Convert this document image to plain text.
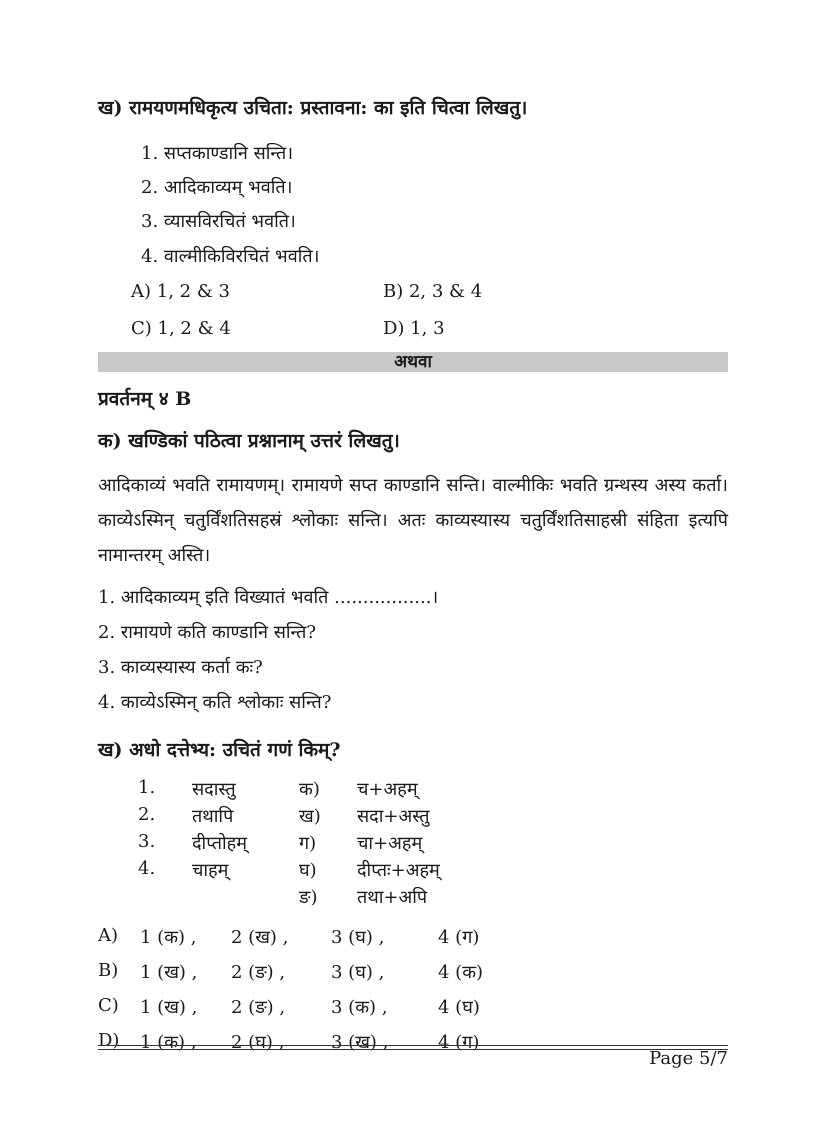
ख) रामयणमधिकृत्य उचिता: प्रस्तावना: का इति चित्वा लिखतु।
1. सप्तकाण्डानि सन्ति।
2. आदिकाव्यम् भवति।
3. व्यासविरचितं भवति।
4. वाल्मीकिविरचितं भवति।
A) 1, 2 & 3	B) 2, 3 & 4
C) 1, 2 & 4	D) 1, 3
अथवा
प्रवर्तनम् ४ B
क) खण्डिकां पठित्वा प्रश्नानाम् उत्तरं लिखतु।
आदिकाव्यं भवति रामायणम्। रामायणे सप्त काण्डानि सन्ति। वाल्मीकिः भवति ग्रन्थस्य अस्य कर्ता। काव्येऽस्मिन् चतुर्विंशतिसहस्रं श्लोकाः सन्ति। अतः काव्यस्यास्य चतुर्विंशतिसाहस्री संहिता इत्यपि नामान्तरम् अस्ति।
1. आदिकाव्यम् इति विख्यातं भवति .................।
2. रामायणे कति काण्डानि सन्ति?
3. काव्यस्यास्य कर्ता कः?
4. काव्येऽस्मिन् कति श्लोकाः सन्ति?
ख) अधो दत्तेभ्य: उचितं गणं किम्?
1.	सदास्तु	क)	च+अहम्
2.	तथापि	ख)	सदा+अस्तु
3.	दीप्तोहम्	ग)	चा+अहम्
4.	चाहम्	घ)	दीप्तः+अहम्
		ङ)	तथा+अपि
A) 1 (क) , 2 (ख) , 3 (घ) ,	4 (ग)
B) 1 (ख) , 2 (ङ) ,	3 (घ) ,	4 (क)
C) 1 (ख) , 2 (ङ) ,	3 (क) ,	4 (घ)
D) 1 (क) , 2 (घ) ,	3 (ख) ,	4 (ग)
Page 5/7
